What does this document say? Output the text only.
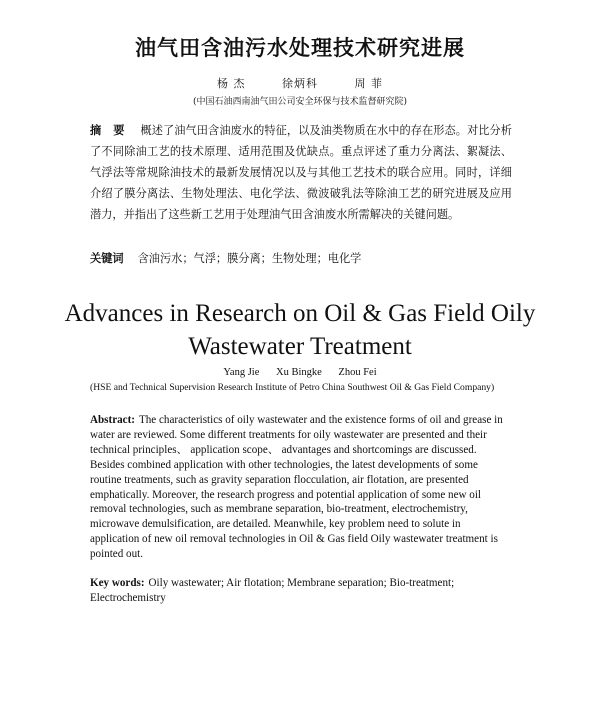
油气田含油污水处理技术研究进展
杨 杰	徐炳科	周 菲
(中国石油西南油气田公司安全环保与技术监督研究院)
摘 要 概述了油气田含油废水的特征，以及油类物质在水中的存在形态。对比分析了不同除油工艺的技术原理、适用范围及优缺点。重点评述了重力分离法、絮凝法、气浮法等常规除油技术的最新发展情况以及与其他工艺技术的联合应用。同时，详细介绍了膜分离法、生物处理法、电化学法、微波破乳法等除油工艺的研究进展及应用潜力，并指出了这些新工艺用于处理油气田含油废水所需解决的关键问题。
关键词 含油污水；气浮；膜分离；生物处理；电化学
Advances in Research on Oil & Gas Field Oily Wastewater Treatment
Yang Jie Xu Bingke Zhou Fei
(HSE and Technical Supervision Research Institute of Petro China Southwest Oil & Gas Field Company)
Abstract: The characteristics of oily wastewater and the existence forms of oil and grease in water are reviewed. Some different treatments for oily wastewater are presented and their technical principles、 application scope、 advantages and shortcomings are discussed. Besides combined application with other technologies, the latest developments of some routine treatments, such as gravity separation flocculation, air flotation, are presented emphatically. Moreover, the research progress and potential application of some new oil removal technologies, such as membrane separation, bio-treatment, electrochemistry, microwave demulsification, are detailed. Meanwhile, key problem need to solute in application of new oil removal technologies in Oil & Gas field Oily wastewater treatment is pointed out.
Key words: Oily wastewater; Air flotation; Membrane separation; Bio-treatment; Electrochemistry
